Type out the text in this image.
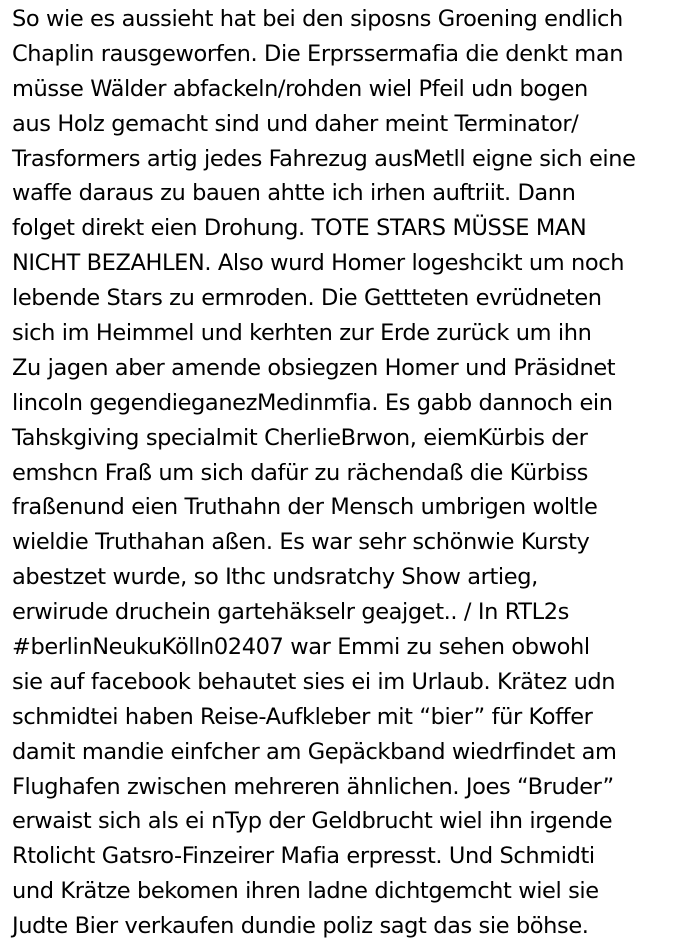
So wie es aussieht hat bei den siposns Groening endlich
Chaplin rausgeworfen. Die Erprssermafia die denkt man
müsse Wälder abfackeln/rohden wiel Pfeil udn bogen
aus Holz gemacht sind und daher meint Terminator/
Trasformers artig jedes Fahrezug ausMetll eigne sich eine
waffe daraus zu bauen ahtte ich irhen auftriit. Dann
folget direkt eien Drohung. TOTE STARS MÜSSE MAN
NICHT BEZAHLEN. Also wurd Homer logeshcikt um noch
lebende Stars zu ermroden. Die Gettteten evrüdneten
sich im Heimmel und kerhten zur Erde zurück um ihn
Zu jagen aber amende obsiegzen Homer und Präsidnet
lincoln gegendieganezMedinmfia. Es gabb dannoch ein
Tahskgiving specialmit CherlieBrwon, eiemKürbis der
emshcn Fraß um sich dafür zu rächendaß die Kürbiss
fraßenund eien Truthahn der Mensch umbrigen woltle
wieldie Truthahan aßen. Es war sehr schönwie Kursty
abestzet wurde, so Ithc undsratchy Show artieg,
erwirude druchein gartehäkselr geajget.. / In RTL2s
#berlinNeukuKölln02407 war Emmi zu sehen obwohl
sie auf facebook behautet sies ei im Urlaub. Krätez udn
schmidtei haben Reise-Aufkleber mit “bier” für Koffer
damit mandie einfcher am Gepäckband wiedrfindet am
Flughafen zwischen mehreren ähnlichen. Joes “Bruder”
erwaist sich als ei nTyp der Geldbrucht wiel ihn irgende
Rtolicht Gatsro-Finzeirer Mafia erpresst. Und Schmidti
und Krätze bekomen ihren ladne dichtgemcht wiel sie
Judte Bier verkaufen dundie poliz sagt das sie böhse.
